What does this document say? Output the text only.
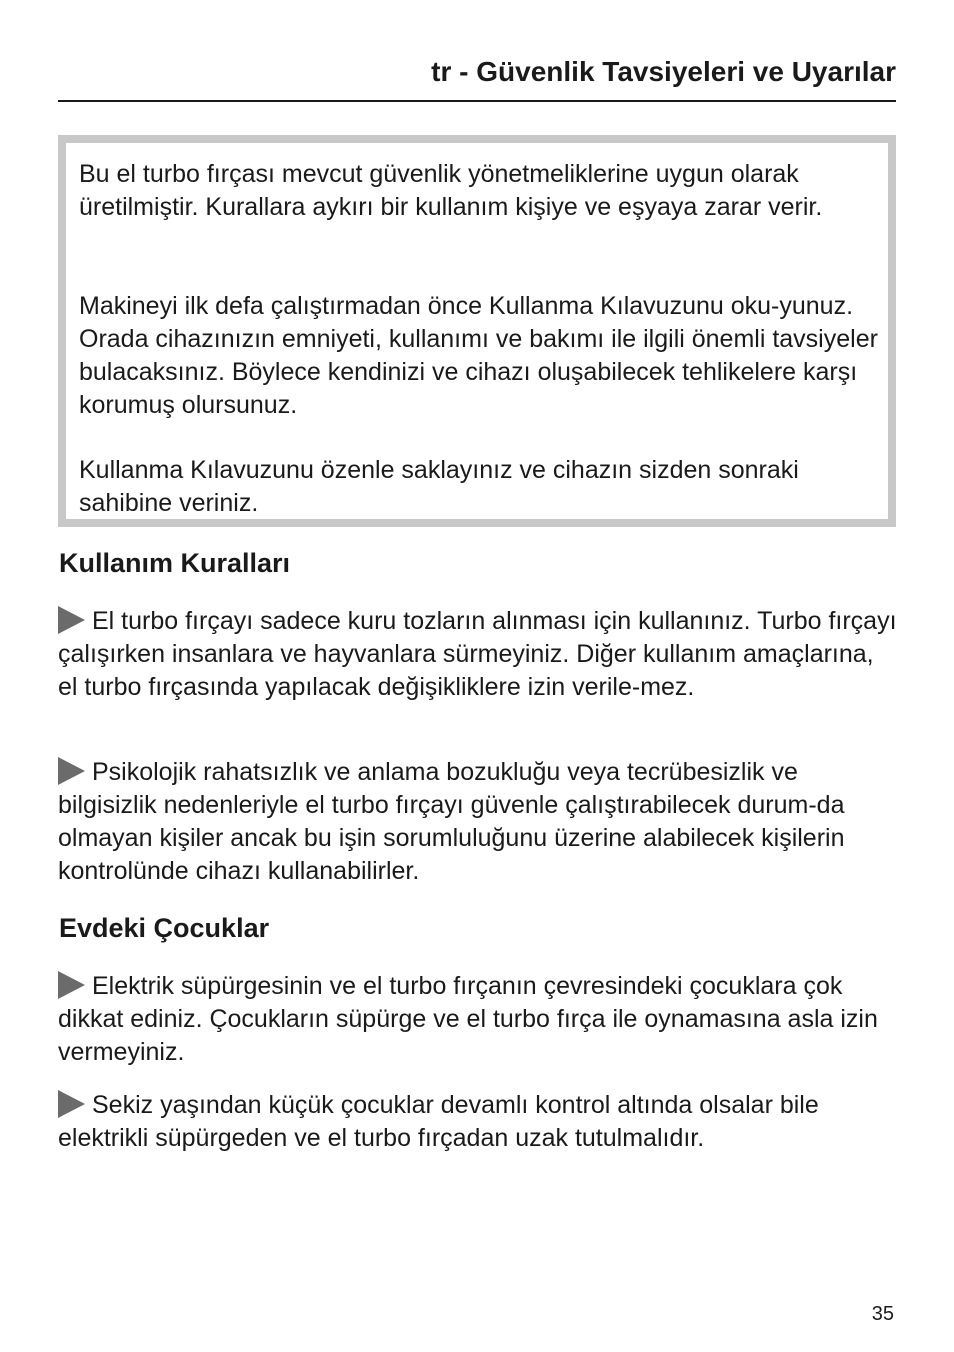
tr - Güvenlik Tavsiyeleri ve Uyarılar

Bu el turbo fırçası mevcut güvenlik yönetmeliklerine uygun olarak üretilmiştir. Kurallara aykırı bir kullanım kişiye ve eşyaya zarar verir.

Makineyi ilk defa çalıştırmadan önce Kullanma Kılavuzunu oku-yunuz. Orada cihazınızın emniyeti, kullanımı ve bakımı ile ilgili önemli tavsiyeler bulacaksınız. Böylece kendinizi ve cihazı oluşabilecek tehlikelere karşı korumuş olursunuz.

Kullanma Kılavuzunu özenle saklayınız ve cihazın sizden sonraki sahibine veriniz.

Kullanım Kuralları

El turbo fırçayı sadece kuru tozların alınması için kullanınız. Turbo fırçayı çalışırken insanlara ve hayvanlara sürmeyiniz. Diğer kullanım amaçlarına, el turbo fırçasında yapılacak değişikliklere izin verile-mez.

Psikolojik rahatsızlık ve anlama bozukluğu veya tecrübesizlik ve bilgisizlik nedenleriyle el turbo fırçayı güvenle çalıştırabilecek durum-da olmayan kişiler ancak bu işin sorumluluğunu üzerine alabilecek kişilerin kontrolünde cihazı kullanabilirler.

Evdeki Çocuklar

Elektrik süpürgesinin ve el turbo fırçanın çevresindeki çocuklara çok dikkat ediniz. Çocukların süpürge ve el turbo fırça ile oynamasına asla izin vermeyiniz.

Sekiz yaşından küçük çocuklar devamlı kontrol altında olsalar bile elektrikli süpürgeden ve el turbo fırçadan uzak tutulmalıdır.

35
